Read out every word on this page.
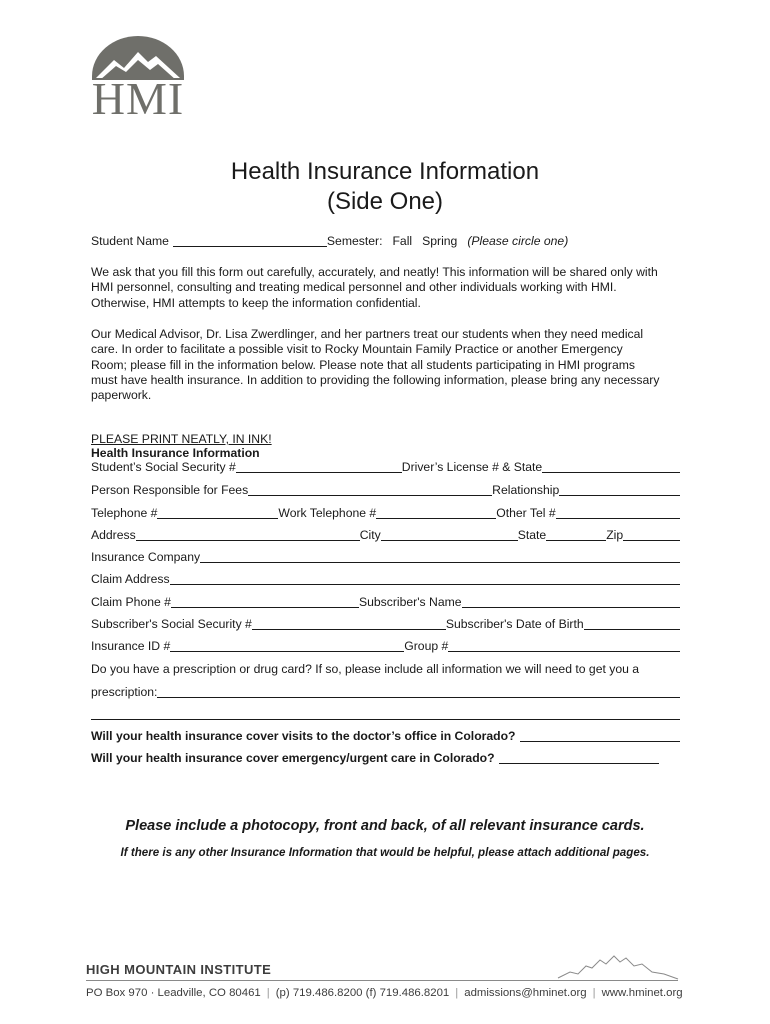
HMI
Health Insurance Information
(Side One)
Student Name	Semester: Fall Spring (Please circle one)
We ask that you fill this form out carefully, accurately, and neatly! This information will be shared only with
HMI personnel, consulting and treating medical personnel and other individuals working with HMI.
Otherwise, HMI attempts to keep the information confidential.
Our Medical Advisor, Dr. Lisa Zwerdlinger, and her partners treat our students when they need medical
care. In order to facilitate a possible visit to Rocky Mountain Family Practice or another Emergency
Room; please fill in the information below. Please note that all students participating in HMI programs
must have health insurance. In addition to providing the following information, please bring any necessary
paperwork.
PLEASE PRINT NEATLY, IN INK!
Health Insurance Information
Student’s Social Security #	Driver’s License # & State
Person Responsible for Fees	Relationship
Telephone #	Work Telephone #	Other Tel #
Address	City	State	Zip
Insurance Company
Claim Address
Claim Phone #	Subscriber's Name
Subscriber's Social Security #	Subscriber's Date of Birth
Insurance ID #	Group #
Do you have a prescription or drug card? If so, please include all information we will need to get you a
prescription:
Will your health insurance cover visits to the doctor’s office in Colorado?
Will your health insurance cover emergency/urgent care in Colorado?
Please include a photocopy, front and back, of all relevant insurance cards.
If there is any other Insurance Information that would be helpful, please attach additional pages.
HIGH MOUNTAIN INSTITUTE
PO Box 970 · Leadville, CO 80461 | (p) 719.486.8200 (f) 719.486.8201 | admissions@hminet.org | www.hminet.org
